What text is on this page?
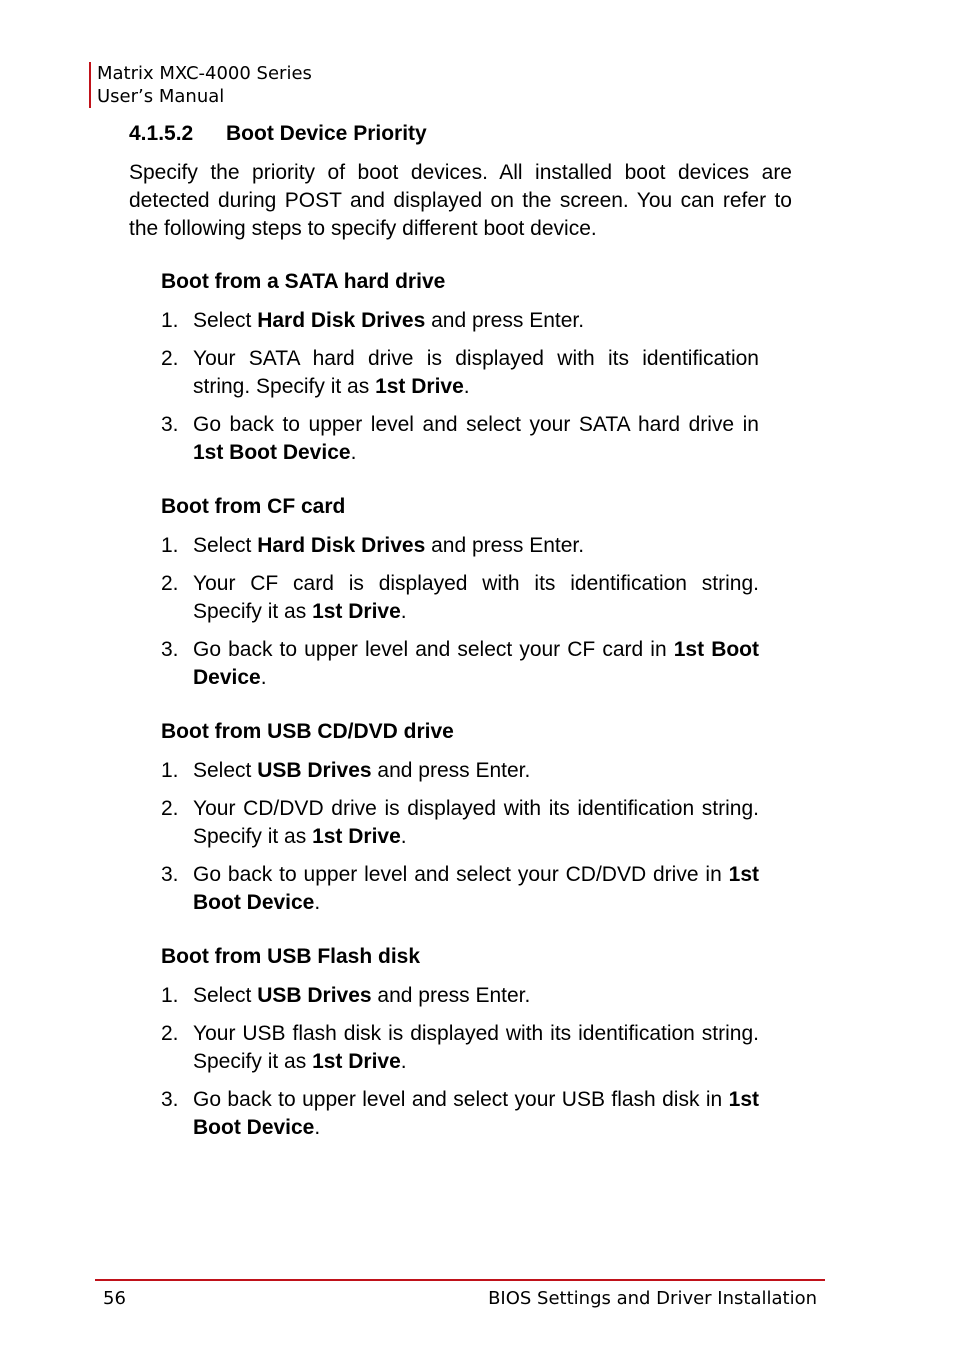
Matrix MXC-4000 Series
User’s Manual
4.1.5.2 Boot Device Priority

Specify the priority of boot devices. All installed boot devices are detected during POST and displayed on the screen. You can refer to the following steps to specify different boot device.

Boot from a SATA hard drive
1. Select Hard Disk Drives and press Enter.
2. Your SATA hard drive is displayed with its identification string. Specify it as 1st Drive.
3. Go back to upper level and select your SATA hard drive in 1st Boot Device.
Boot from CF card
1. Select Hard Disk Drives and press Enter.
2. Your CF card is displayed with its identification string. Specify it as 1st Drive.
3. Go back to upper level and select your CF card in 1st Boot Device.
Boot from USB CD/DVD drive
1. Select USB Drives and press Enter.
2. Your CD/DVD drive is displayed with its identification string. Specify it as 1st Drive.
3. Go back to upper level and select your CD/DVD drive in 1st Boot Device.
Boot from USB Flash disk
1. Select USB Drives and press Enter.
2. Your USB flash disk is displayed with its identification string. Specify it as 1st Drive.
3. Go back to upper level and select your USB flash disk in 1st Boot Device.
56	BIOS Settings and Driver Installation
